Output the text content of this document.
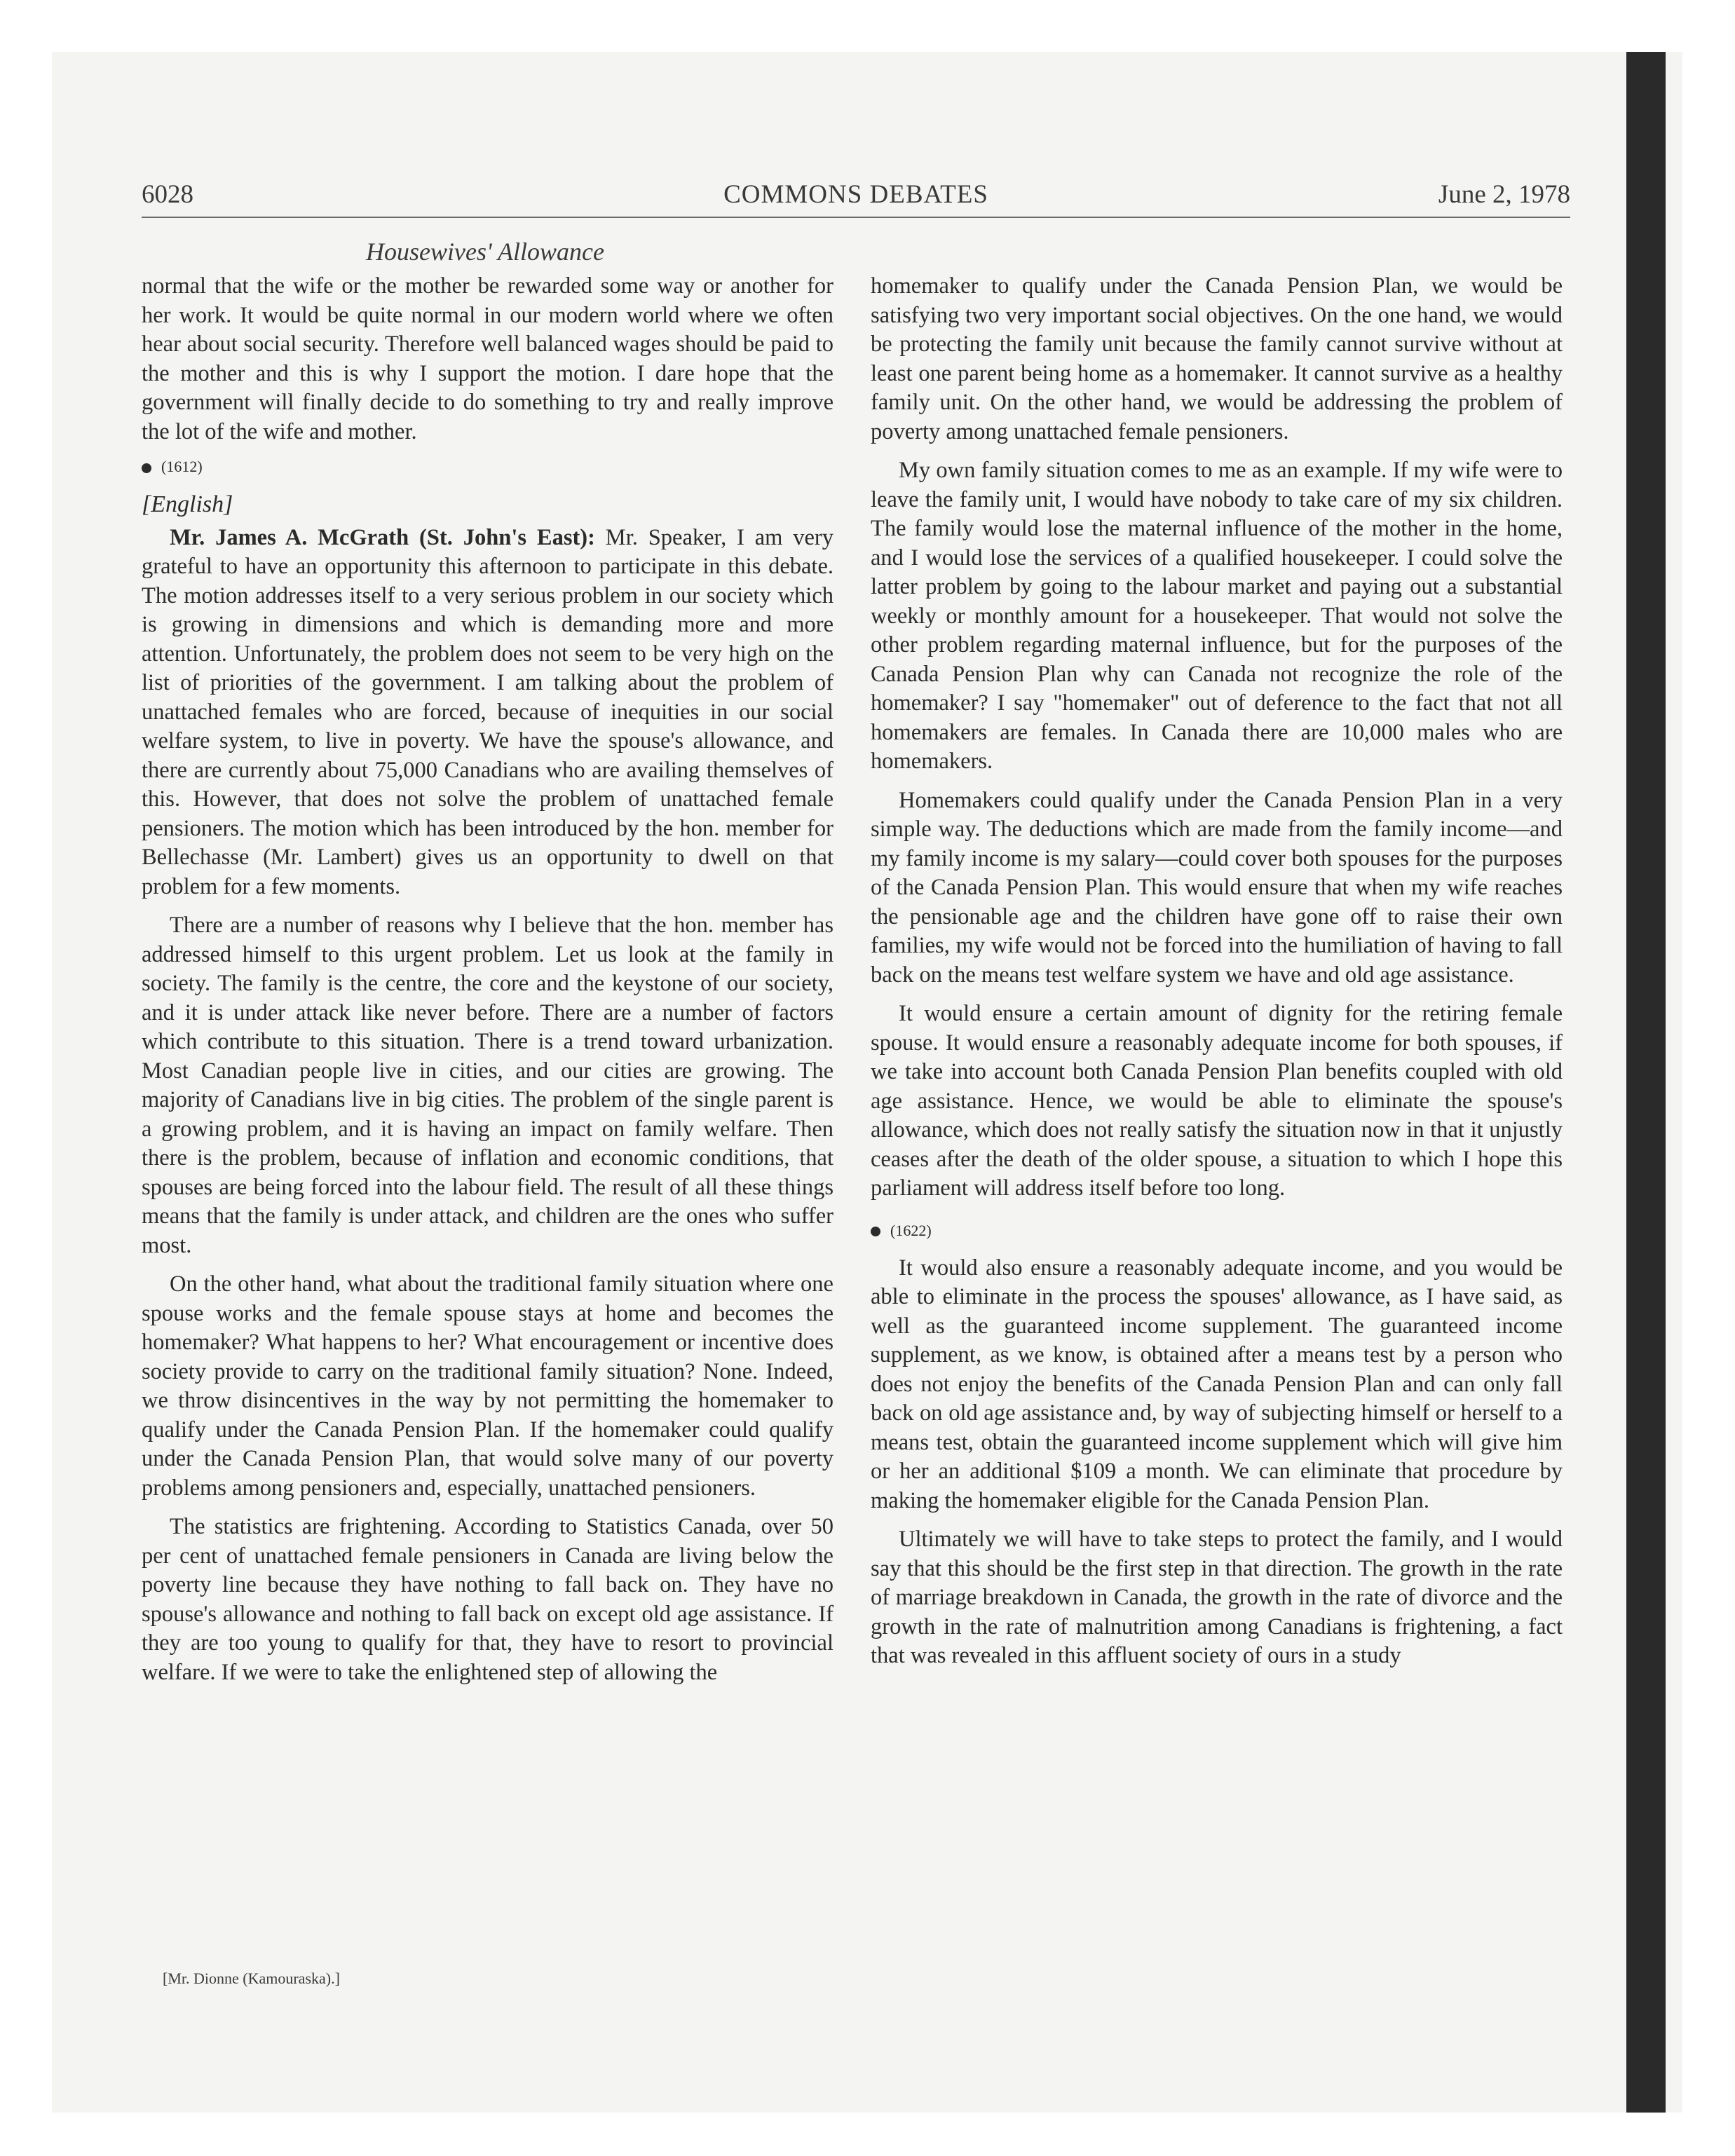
6028	COMMONS DEBATES	June 2, 1978
Housewives' Allowance

normal that the wife or the mother be rewarded some way or another for her work. It would be quite normal in our modern world where we often hear about social security. Therefore well balanced wages should be paid to the mother and this is why I support the motion. I dare hope that the government will finally decide to do something to try and really improve the lot of the wife and mother.

(1612)
[English]

Mr. James A. McGrath (St. John's East): Mr. Speaker, I am very grateful to have an opportunity this afternoon to participate in this debate. The motion addresses itself to a very serious problem in our society which is growing in dimensions and which is demanding more and more attention. Unfortunately, the problem does not seem to be very high on the list of priorities of the government. I am talking about the problem of unattached females who are forced, because of inequities in our social welfare system, to live in poverty. We have the spouse's allowance, and there are currently about 75,000 Canadians who are availing themselves of this. However, that does not solve the problem of unattached female pensioners. The motion which has been introduced by the hon. member for Bellechasse (Mr. Lambert) gives us an opportunity to dwell on that problem for a few moments.

There are a number of reasons why I believe that the hon. member has addressed himself to this urgent problem. Let us look at the family in society. The family is the centre, the core and the keystone of our society, and it is under attack like never before. There are a number of factors which contribute to this situation. There is a trend toward urbanization. Most Canadian people live in cities, and our cities are growing. The majority of Canadians live in big cities. The problem of the single parent is a growing problem, and it is having an impact on family welfare. Then there is the problem, because of inflation and economic conditions, that spouses are being forced into the labour field. The result of all these things means that the family is under attack, and children are the ones who suffer most.

On the other hand, what about the traditional family situation where one spouse works and the female spouse stays at home and becomes the homemaker? What happens to her? What encouragement or incentive does society provide to carry on the traditional family situation? None. Indeed, we throw disincentives in the way by not permitting the homemaker to qualify under the Canada Pension Plan. If the homemaker could qualify under the Canada Pension Plan, that would solve many of our poverty problems among pensioners and, especially, unattached pensioners.

The statistics are frightening. According to Statistics Canada, over 50 per cent of unattached female pensioners in Canada are living below the poverty line because they have nothing to fall back on. They have no spouse's allowance and nothing to fall back on except old age assistance. If they are too young to qualify for that, they have to resort to provincial welfare. If we were to take the enlightened step of allowing the

homemaker to qualify under the Canada Pension Plan, we would be satisfying two very important social objectives. On the one hand, we would be protecting the family unit because the family cannot survive without at least one parent being home as a homemaker. It cannot survive as a healthy family unit. On the other hand, we would be addressing the problem of poverty among unattached female pensioners.

My own family situation comes to me as an example. If my wife were to leave the family unit, I would have nobody to take care of my six children. The family would lose the maternal influence of the mother in the home, and I would lose the services of a qualified housekeeper. I could solve the latter problem by going to the labour market and paying out a substantial weekly or monthly amount for a housekeeper. That would not solve the other problem regarding maternal influence, but for the purposes of the Canada Pension Plan why can Canada not recognize the role of the homemaker? I say "homemaker" out of deference to the fact that not all homemakers are females. In Canada there are 10,000 males who are homemakers.

Homemakers could qualify under the Canada Pension Plan in a very simple way. The deductions which are made from the family income—and my family income is my salary—could cover both spouses for the purposes of the Canada Pension Plan. This would ensure that when my wife reaches the pensionable age and the children have gone off to raise their own families, my wife would not be forced into the humiliation of having to fall back on the means test welfare system we have and old age assistance.

It would ensure a certain amount of dignity for the retiring female spouse. It would ensure a reasonably adequate income for both spouses, if we take into account both Canada Pension Plan benefits coupled with old age assistance. Hence, we would be able to eliminate the spouse's allowance, which does not really satisfy the situation now in that it unjustly ceases after the death of the older spouse, a situation to which I hope this parliament will address itself before too long.

(1622)

It would also ensure a reasonably adequate income, and you would be able to eliminate in the process the spouses' allowance, as I have said, as well as the guaranteed income supplement. The guaranteed income supplement, as we know, is obtained after a means test by a person who does not enjoy the benefits of the Canada Pension Plan and can only fall back on old age assistance and, by way of subjecting himself or herself to a means test, obtain the guaranteed income supplement which will give him or her an additional $109 a month. We can eliminate that procedure by making the homemaker eligible for the Canada Pension Plan.

Ultimately we will have to take steps to protect the family, and I would say that this should be the first step in that direction. The growth in the rate of marriage breakdown in Canada, the growth in the rate of divorce and the growth in the rate of malnutrition among Canadians is frightening, a fact that was revealed in this affluent society of ours in a study

[Mr. Dionne (Kamouraska).]
